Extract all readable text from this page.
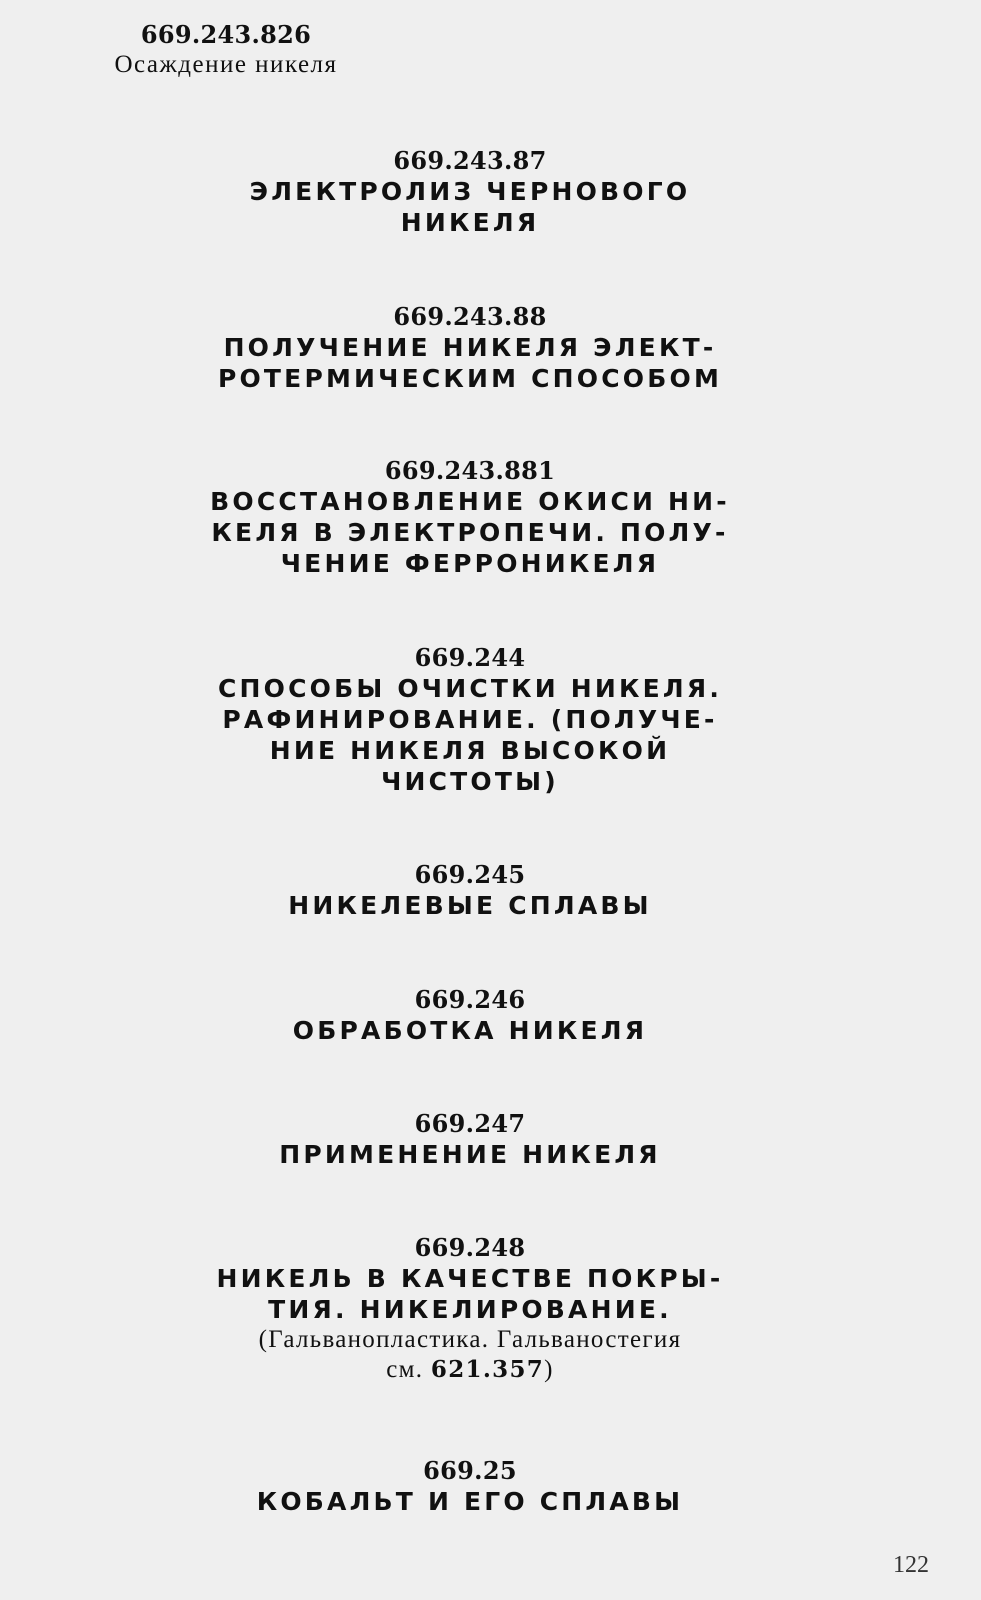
669.243.826
Осаждение никеля
669.243.87
ЭЛЕКТРОЛИЗ ЧЕРНОВОГО
НИКЕЛЯ
669.243.88
ПОЛУЧЕНИЕ НИКЕЛЯ ЭЛЕКТ-
РОТЕРМИЧЕСКИМ СПОСОБОМ
669.243.881
ВОССТАНОВЛЕНИЕ ОКИСИ НИ-
КЕЛЯ В ЭЛЕКТРОПЕЧИ. ПОЛУ-
ЧЕНИЕ ФЕРРОНИКЕЛЯ
669.244
СПОСОБЫ ОЧИСТКИ НИКЕЛЯ.
РАФИНИРОВАНИЕ. (ПОЛУЧЕ-
НИЕ НИКЕЛЯ ВЫСОКОЙ
ЧИСТОТЫ)
669.245
НИКЕЛЕВЫЕ СПЛАВЫ
669.246
ОБРАБОТКА НИКЕЛЯ
669.247
ПРИМЕНЕНИЕ НИКЕЛЯ
669.248
НИКЕЛЬ В КАЧЕСТВЕ ПОКРЫ-
ТИЯ. НИКЕЛИРОВАНИЕ.
(Гальванопластика. Гальваностегия
см. 621.357)
669.25
КОБАЛЬТ И ЕГО СПЛАВЫ
122
